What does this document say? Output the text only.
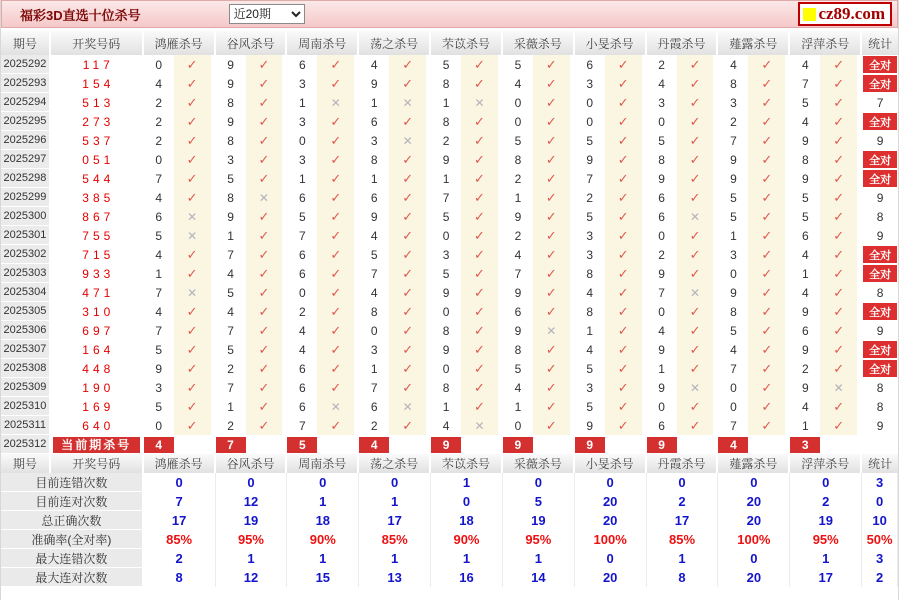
福彩3D直选十位杀号
近20期	cz89.com
期号	开奖号码	鸿雁杀号	谷风杀号	周南杀号	荡之杀号	芣苡杀号	采薇杀号	小旻杀号	丹霞杀号	薤露杀号	浮萍杀号	统计
2025292	117	0	✓	9	✓	6	✓	4	✓	5	✓	5	✓	6	✓	2	✓	4	✓	4	✓	全对
2025293	154	4	✓	9	✓	3	✓	9	✓	8	✓	4	✓	3	✓	4	✓	8	✓	7	✓	全对
2025294	513	2	✓	8	✓	1	✕	1	✕	1	✕	0	✓	0	✓	3	✓	3	✓	5	✓	7
2025295	273	2	✓	9	✓	3	✓	6	✓	8	✓	0	✓	0	✓	0	✓	2	✓	4	✓	全对
2025296	537	2	✓	8	✓	0	✓	3	✕	2	✓	5	✓	5	✓	5	✓	7	✓	9	✓	9
2025297	051	0	✓	3	✓	3	✓	8	✓	9	✓	8	✓	9	✓	8	✓	9	✓	8	✓	全对
2025298	544	7	✓	5	✓	1	✓	1	✓	1	✓	2	✓	7	✓	9	✓	9	✓	9	✓	全对
2025299	385	4	✓	8	✕	6	✓	6	✓	7	✓	1	✓	2	✓	6	✓	5	✓	5	✓	9
2025300	867	6	✕	9	✓	5	✓	9	✓	5	✓	9	✓	5	✓	6	✕	5	✓	5	✓	8
2025301	755	5	✕	1	✓	7	✓	4	✓	0	✓	2	✓	3	✓	0	✓	1	✓	6	✓	9
2025302	715	4	✓	7	✓	6	✓	5	✓	3	✓	4	✓	3	✓	2	✓	3	✓	4	✓	全对
2025303	933	1	✓	4	✓	6	✓	7	✓	5	✓	7	✓	8	✓	9	✓	0	✓	1	✓	全对
2025304	471	7	✕	5	✓	0	✓	4	✓	9	✓	9	✓	4	✓	7	✕	9	✓	4	✓	8
2025305	310	4	✓	4	✓	2	✓	8	✓	0	✓	6	✓	8	✓	0	✓	8	✓	9	✓	全对
2025306	697	7	✓	7	✓	4	✓	0	✓	8	✓	9	✕	1	✓	4	✓	5	✓	6	✓	9
2025307	164	5	✓	5	✓	4	✓	3	✓	9	✓	8	✓	4	✓	9	✓	4	✓	9	✓	全对
2025308	448	9	✓	2	✓	6	✓	1	✓	0	✓	5	✓	5	✓	1	✓	7	✓	2	✓	全对
2025309	190	3	✓	7	✓	6	✓	7	✓	8	✓	4	✓	3	✓	9	✕	0	✓	9	✕	8
2025310	169	5	✓	1	✓	6	✕	6	✕	1	✓	1	✓	5	✓	0	✓	0	✓	4	✓	8
2025311	640	0	✓	2	✓	7	✓	2	✓	4	✕	0	✓	9	✓	6	✓	7	✓	1	✓	9
2025312	当前期杀号	4	7	5	4	9	9	9	9	4	3
期号	开奖号码	鸿雁杀号	谷风杀号	周南杀号	荡之杀号	芣苡杀号	采薇杀号	小旻杀号	丹霞杀号	薤露杀号	浮萍杀号	统计
目前连错次数	0	0	0	0	1	0	0	0	0	0	3
目前连对次数	7	12	1	1	0	5	20	2	20	2	0
总正确次数	17	19	18	17	18	19	20	17	20	19	10
准确率(全对率)	85%	95%	90%	85%	90%	95%	100%	85%	100%	95%	50%
最大连错次数	2	1	1	1	1	1	0	1	0	1	3
最大连对次数	8	12	15	13	16	14	20	8	20	17	2
